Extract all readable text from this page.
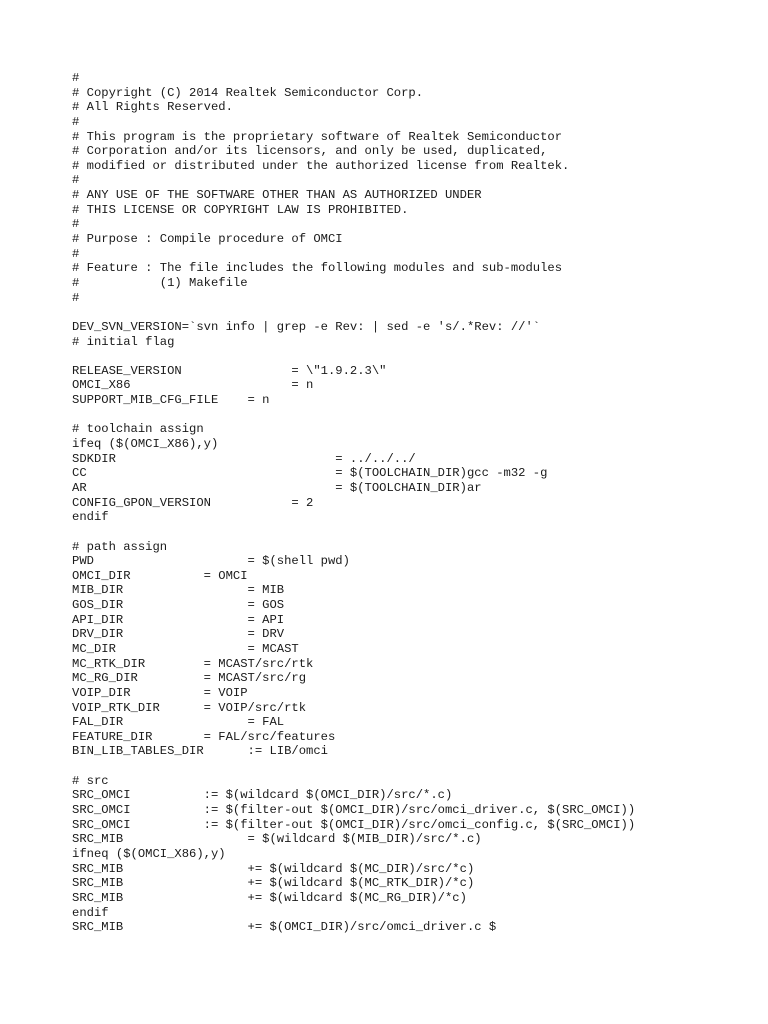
#
# Copyright (C) 2014 Realtek Semiconductor Corp.
# All Rights Reserved.
#
# This program is the proprietary software of Realtek Semiconductor
# Corporation and/or its licensors, and only be used, duplicated,
# modified or distributed under the authorized license from Realtek.
#
# ANY USE OF THE SOFTWARE OTHER THAN AS AUTHORIZED UNDER
# THIS LICENSE OR COPYRIGHT LAW IS PROHIBITED.
#
# Purpose : Compile procedure of OMCI
#
# Feature : The file includes the following modules and sub-modules
#           (1) Makefile
#
DEV_SVN_VERSION=`svn info | grep -e Rev: | sed -e 's/.*Rev: //'`
# initial flag
RELEASE_VERSION               = \"1.9.2.3\"
OMCI_X86                      = n
SUPPORT_MIB_CFG_FILE    = n
# toolchain assign
ifeq ($(OMCI_X86),y)
SDKDIR                              = ../../../
CC                                  = $(TOOLCHAIN_DIR)gcc -m32 -g
AR                                  = $(TOOLCHAIN_DIR)ar
CONFIG_GPON_VERSION           = 2
endif
# path assign
PWD                     = $(shell pwd)
OMCI_DIR          = OMCI
MIB_DIR                 = MIB
GOS_DIR                 = GOS
API_DIR                 = API
DRV_DIR                 = DRV
MC_DIR                  = MCAST
MC_RTK_DIR        = MCAST/src/rtk
MC_RG_DIR         = MCAST/src/rg
VOIP_DIR          = VOIP
VOIP_RTK_DIR      = VOIP/src/rtk
FAL_DIR                 = FAL
FEATURE_DIR       = FAL/src/features
BIN_LIB_TABLES_DIR      := LIB/omci
# src
SRC_OMCI          := $(wildcard $(OMCI_DIR)/src/*.c)
SRC_OMCI          := $(filter-out $(OMCI_DIR)/src/omci_driver.c, $(SRC_OMCI))
SRC_OMCI          := $(filter-out $(OMCI_DIR)/src/omci_config.c, $(SRC_OMCI))
SRC_MIB                 = $(wildcard $(MIB_DIR)/src/*.c)
ifneq ($(OMCI_X86),y)
SRC_MIB                 += $(wildcard $(MC_DIR)/src/*c)
SRC_MIB                 += $(wildcard $(MC_RTK_DIR)/*c)
SRC_MIB                 += $(wildcard $(MC_RG_DIR)/*c)
endif
SRC_MIB                 += $(OMCI_DIR)/src/omci_driver.c $
